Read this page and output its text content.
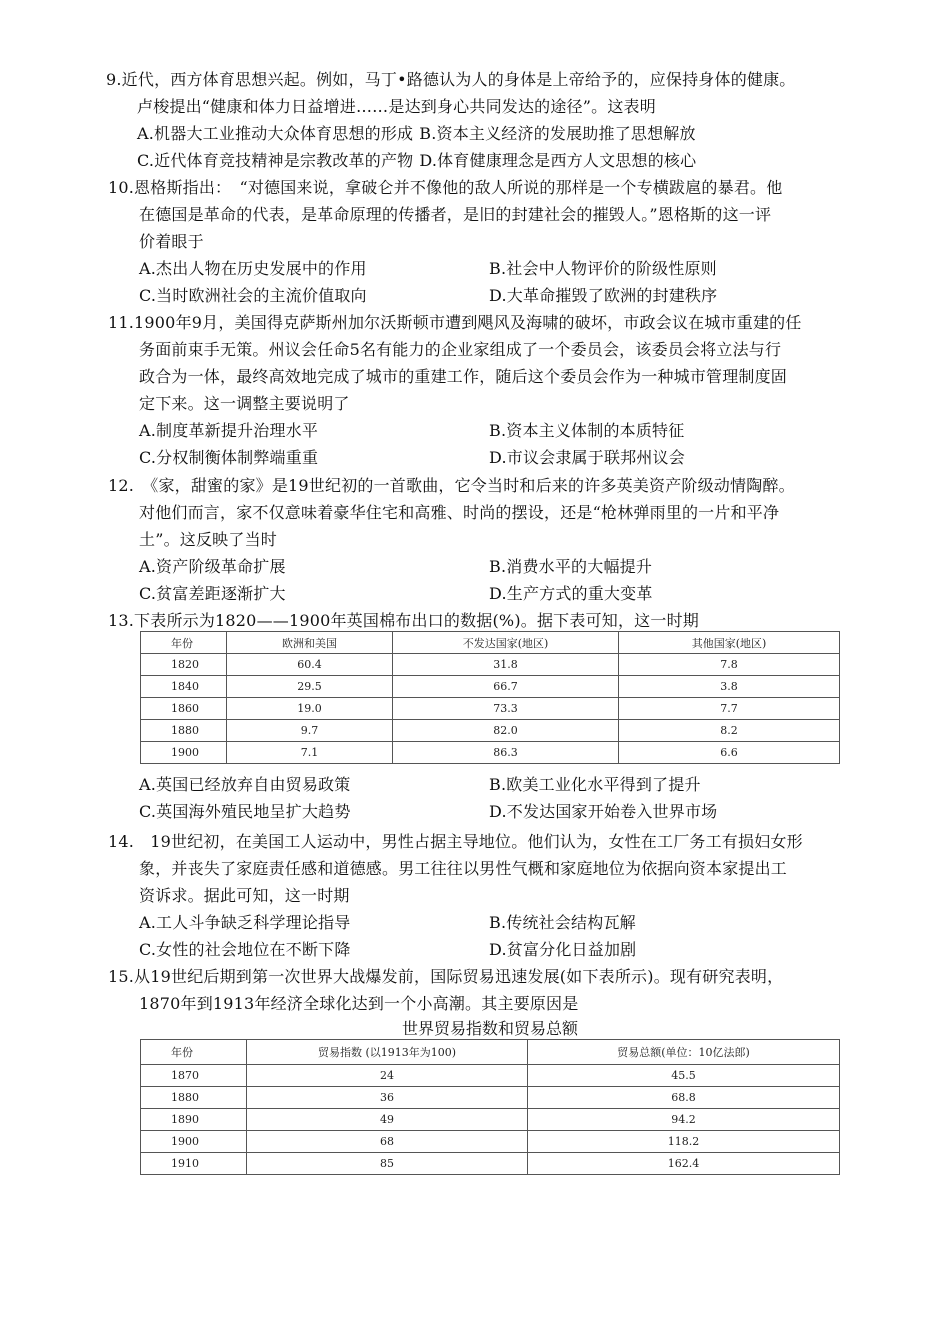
9.近代，西方体育思想兴起。例如，马丁•路德认为人的身体是上帝给予的，应保持身体的健康。
卢梭提出“健康和体力日益增进……是达到身心共同发达的途径”。这表明
A.机器大工业推动大众体育思想的形成 B.资本主义经济的发展助推了思想解放
C.近代体育竞技精神是宗教改革的产物 D.体育健康理念是西方人文思想的核心
10.恩格斯指出：　“对德国来说，拿破仑并不像他的敌人所说的那样是一个专横跋扈的暴君。他
在德国是革命的代表，是革命原理的传播者，是旧的封建社会的摧毁人。”恩格斯的这一评
价着眼于
A.杰出人物在历史发展中的作用	B.社会中人物评价的阶级性原则
C.当时欧洲社会的主流价值取向	D.大革命摧毁了欧洲的封建秩序
11.1900年9月，美国得克萨斯州加尔沃斯顿市遭到飓风及海啸的破坏，市政会议在城市重建的任
务面前束手无策。州议会任命5名有能力的企业家组成了一个委员会，该委员会将立法与行
政合为一体，最终高效地完成了城市的重建工作，随后这个委员会作为一种城市管理制度固
定下来。这一调整主要说明了
A.制度革新提升治理水平	B.资本主义体制的本质特征
C.分权制衡体制弊端重重	D.市议会隶属于联邦州议会
12.　《家，甜蜜的家》是19世纪初的一首歌曲，它令当时和后来的许多英美资产阶级动情陶醉。
对他们而言，家不仅意味着豪华住宅和高雅、时尚的摆设，还是“枪林弹雨里的一片和平净
土”。这反映了当时
A.资产阶级革命扩展	B.消费水平的大幅提升
C.贫富差距逐渐扩大	D.生产方式的重大变革
13.下表所示为1820——1900年英国棉布出口的数据(%)。据下表可知，这一时期
年份	欧洲和美国	不发达国家(地区)	其他国家(地区)
1820	60.4	31.8	7.8
1840	29.5	66.7	3.8
1860	19.0	73.3	7.7
1880	9.7	82.0	8.2
1900	7.1	86.3	6.6
A.英国已经放弃自由贸易政策	B.欧美工业化水平得到了提升
C.英国海外殖民地呈扩大趋势	D.不发达国家开始卷入世界市场
14.　19世纪初，在美国工人运动中，男性占据主导地位。他们认为，女性在工厂务工有损妇女形
象，并丧失了家庭责任感和道德感。男工往往以男性气概和家庭地位为依据向资本家提出工
资诉求。据此可知，这一时期
A.工人斗争缺乏科学理论指导	B.传统社会结构瓦解
C.女性的社会地位在不断下降	D.贫富分化日益加剧
15.从19世纪后期到第一次世界大战爆发前，国际贸易迅速发展(如下表所示)。现有研究表明，
1870年到1913年经济全球化达到一个小高潮。其主要原因是
世界贸易指数和贸易总额
年份	贸易指数 (以1913年为100)	贸易总额(单位：10亿法郎)
1870	24	45.5
1880	36	68.8
1890	49	94.2
1900	68	118.2
1910	85	162.4
